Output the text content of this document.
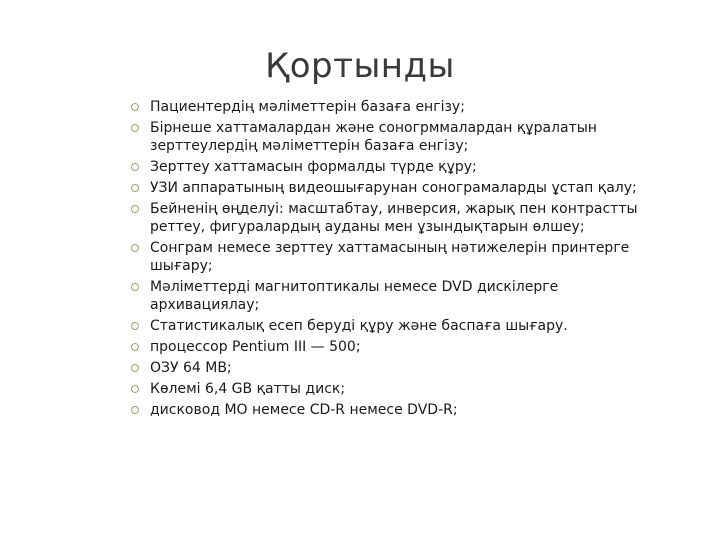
Қортынды
Пациентердің мәліметтерін базаға енгізу;
Бірнеше хаттамалардан және соногрммалардан құралатын зерттеулердің мәліметтерін базаға енгізу;
Зерттеу хаттамасын формалды түрде құру;
УЗИ аппаратының видеошығарунан сонограмаларды ұстап қалу;
Бейненің өңделуі: масштабтау, инверсия, жарық пен контрастты реттеу, фигуралардың ауданы мен ұзындықтарын өлшеу;
Сонграм немесе зерттеу хаттамасының нәтижелерін принтерге шығару;
Мәліметтерді магнитоптикалы немесе DVD дискілерге архивациялау;
Статистикалық есеп беруді құру және баспаға шығару.
процессор Pentium III — 500;
ОЗУ 64 MB;
Көлемі 6,4 GB қатты диск;
дисковод МО немесе CD-R немесе DVD-R;
